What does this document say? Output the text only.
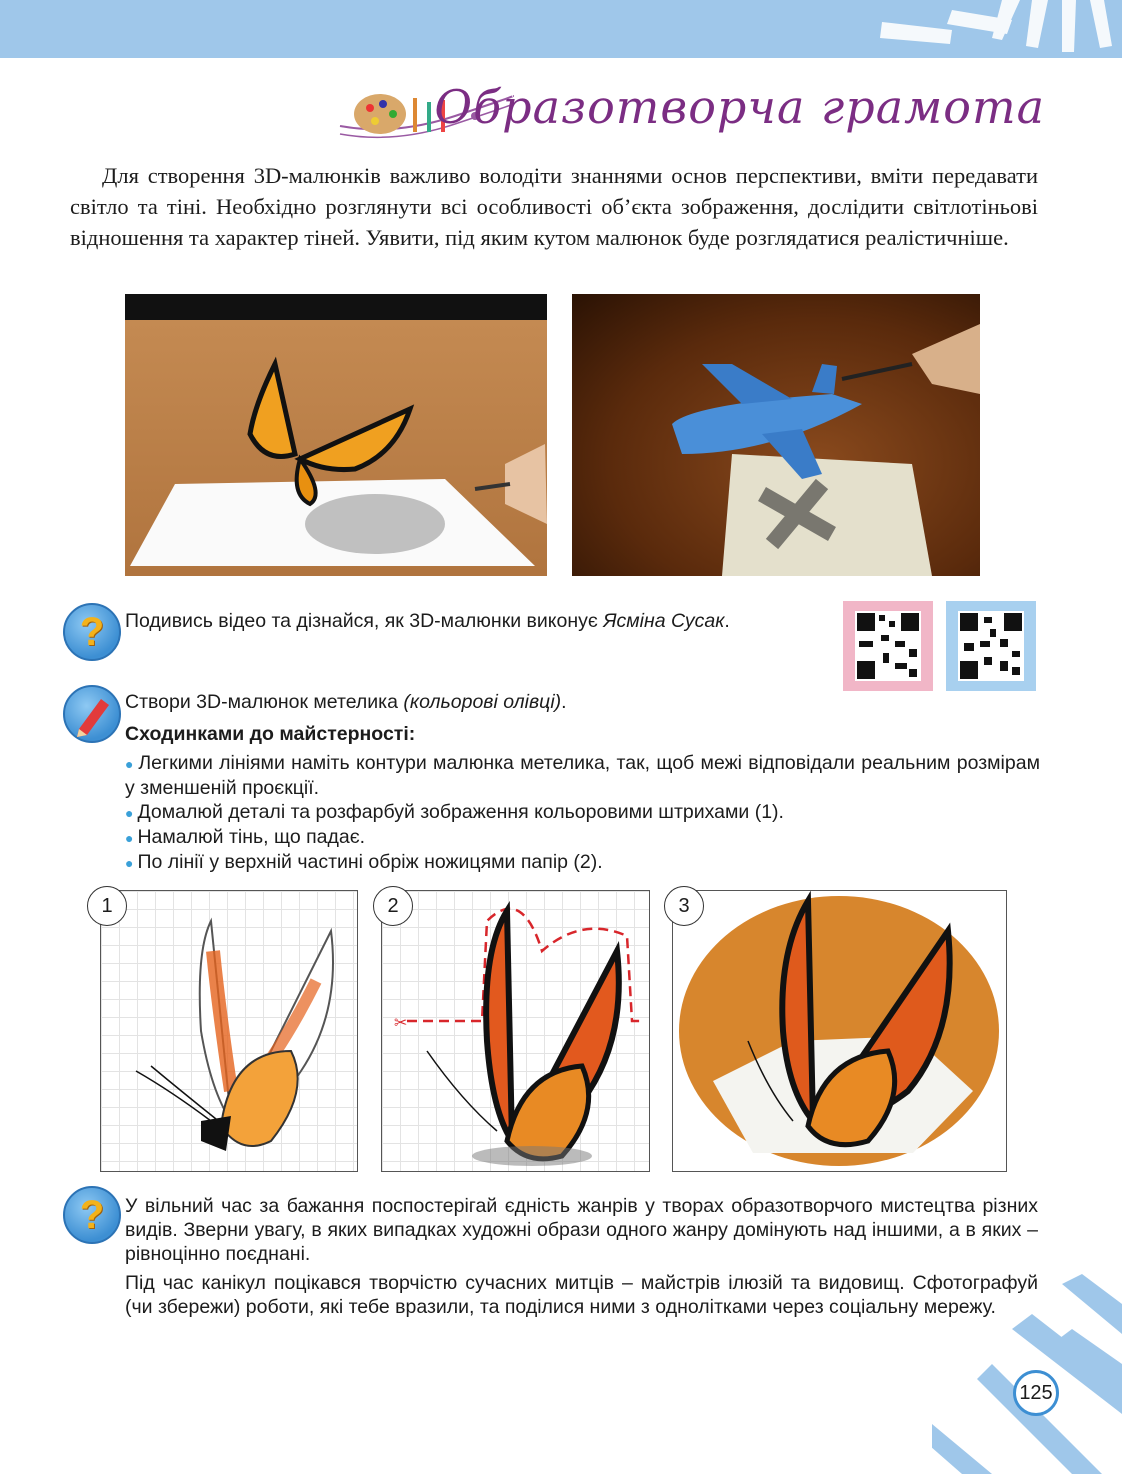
Образотворча грамота

Для створення 3D-малюнків важливо володіти знаннями основ перспективи, вміти передавати світло та тіні. Необхідно розглянути всі особливості об’єкта зображення, дослідити світлотіньові відношення та характер тіней. Уявити, під яким кутом малюнок буде розглядатися реалістичніше.

?	Подивись відео та дізнайся, як 3D-малюнки виконує Ясміна Сусак.

Створи 3D-малюнок метелика (кольорові олівці).

Сходинками до майстерності:

● Легкими лініями наміть контури малюнка метелика, так, щоб межі відповідали реальним розмірам у зменшеній проєкції.

● Домалюй деталі та розфарбуй зображення кольоровими штрихами (1).

● Намалюй тінь, що падає.

● По лінії у верхній частині обріж ножицями папір (2).

1
✂
2	3
?	У вільний час за бажання поспостерігай єдність жанрів у творах образотворчого мистецтва різних видів. Зверни увагу, в яких випадках художні образи одного жанру домінують над іншими, а в яких – рівноцінно поєднані.

Під час канікул поцікався творчістю сучасних митців – майстрів ілюзій та видовищ. Сфотографуй (чи збережи) роботи, які тебе вразили, та поділися ними з однолітками через соціальну мережу.

125
